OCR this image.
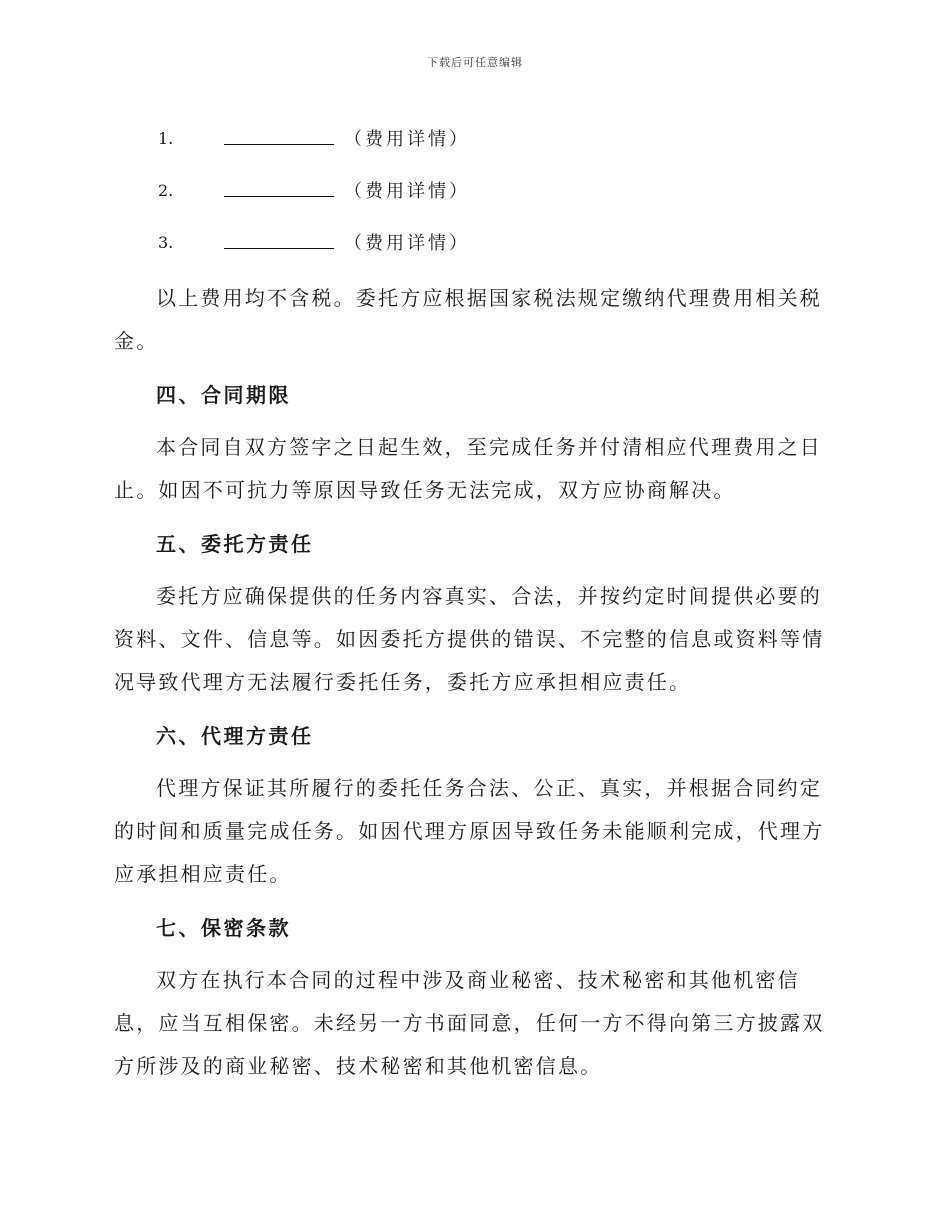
下载后可任意编辑
1.	（费用详情）
2.	（费用详情）
3.	（费用详情）

以上费用均不含税。委托方应根据国家税法规定缴纳代理费用相关税金。

四、合同期限

本合同自双方签字之日起生效，至完成任务并付清相应代理费用之日止。如因不可抗力等原因导致任务无法完成，双方应协商解决。

五、委托方责任

委托方应确保提供的任务内容真实、合法，并按约定时间提供必要的资料、文件、信息等。如因委托方提供的错误、不完整的信息或资料等情况导致代理方无法履行委托任务，委托方应承担相应责任。

六、代理方责任

代理方保证其所履行的委托任务合法、公正、真实，并根据合同约定的时间和质量完成任务。如因代理方原因导致任务未能顺利完成，代理方应承担相应责任。

七、保密条款

双方在执行本合同的过程中涉及商业秘密、技术秘密和其他机密信息，应当互相保密。未经另一方书面同意，任何一方不得向第三方披露双方所涉及的商业秘密、技术秘密和其他机密信息。
